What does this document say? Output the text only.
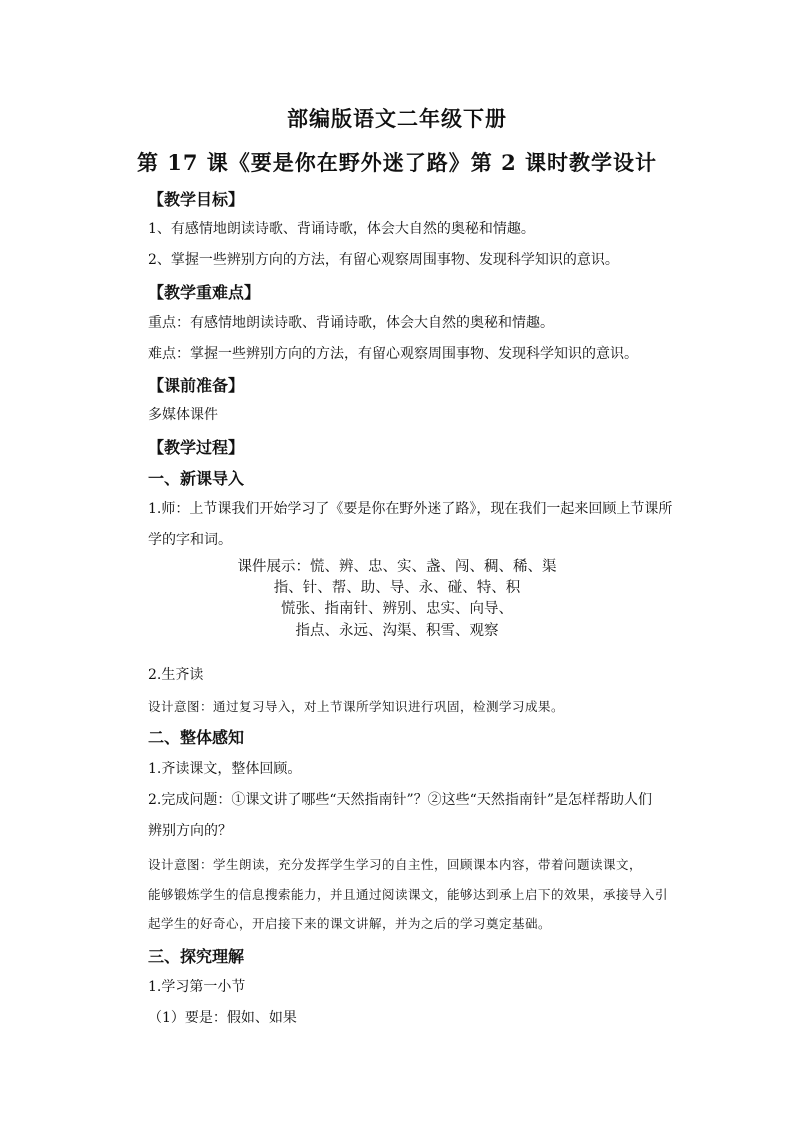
部编版语文二年级下册

第 17 课《要是你在野外迷了路》第 2 课时教学设计

【教学目标】

1、有感情地朗读诗歌、背诵诗歌，体会大自然的奥秘和情趣。

2、掌握一些辨别方向的方法，有留心观察周围事物、发现科学知识的意识。

【教学重难点】

重点：有感情地朗读诗歌、背诵诗歌，体会大自然的奥秘和情趣。

难点：掌握一些辨别方向的方法，有留心观察周围事物、发现科学知识的意识。

【课前准备】

多媒体课件

【教学过程】

一、新课导入

1.师：上节课我们开始学习了《要是你在野外迷了路》，现在我们一起来回顾上节课所

学的字和词。

课件展示：慌、辨、忠、实、盏、闯、稠、稀、渠

指、针、帮、助、导、永、碰、特、积

慌张、指南针、辨别、忠实、向导、

指点、永远、沟渠、积雪、观察

2.生齐读

设计意图：通过复习导入，对上节课所学知识进行巩固，检测学习成果。

二、整体感知

1.齐读课文，整体回顾。

2.完成问题：①课文讲了哪些“天然指南针”？②这些“天然指南针”是怎样帮助人们

辨别方向的？

设计意图：学生朗读，充分发挥学生学习的自主性，回顾课本内容，带着问题读课文，

能够锻炼学生的信息搜索能力，并且通过阅读课文，能够达到承上启下的效果，承接导入引

起学生的好奇心，开启接下来的课文讲解，并为之后的学习奠定基础。

三、探究理解

1.学习第一小节

（1）要是：假如、如果
